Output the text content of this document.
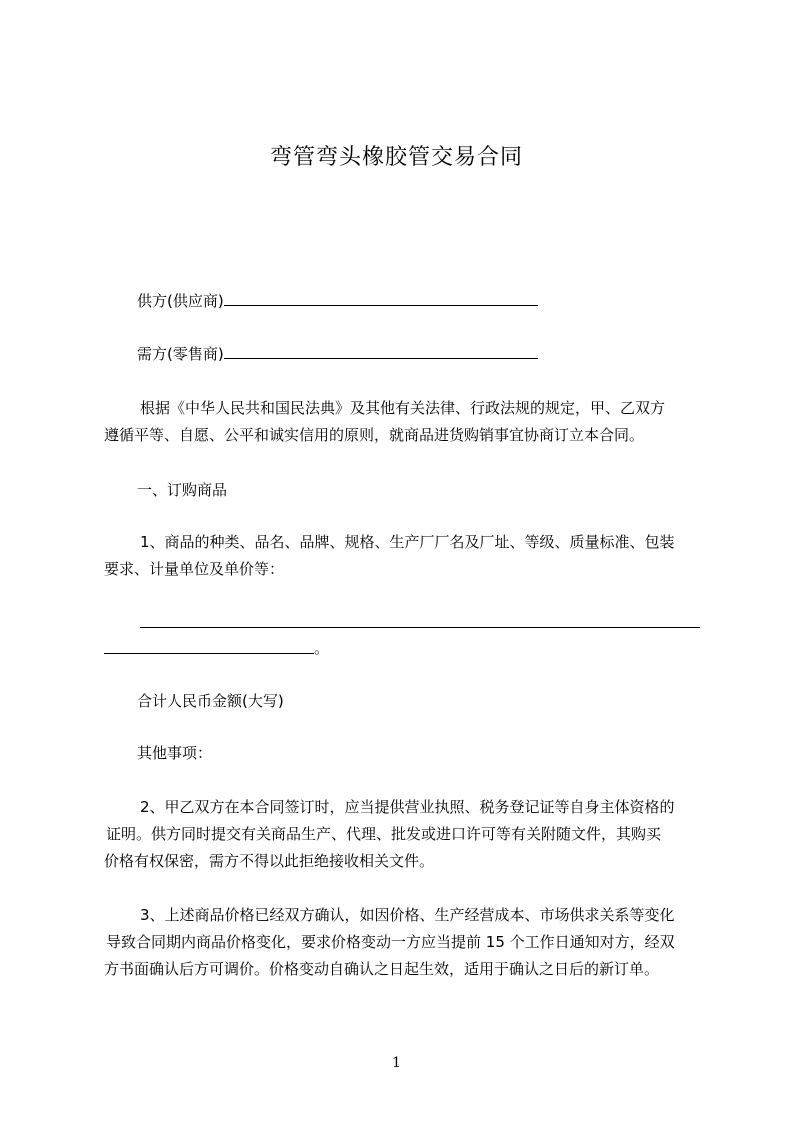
弯管弯头橡胶管交易合同
供方(供应商)
需方(零售商)
根据《中华人民共和国民法典》及其他有关法律、行政法规的规定，甲、乙双方
遵循平等、自愿、公平和诚实信用的原则，就商品进货购销事宜协商订立本合同。
一、订购商品
1、商品的种类、品名、品牌、规格、生产厂厂名及厂址、等级、质量标准、包装
要求、计量单位及单价等：
。
合计人民币金额(大写)
其他事项：
2、甲乙双方在本合同签订时，应当提供营业执照、税务登记证等自身主体资格的
证明。供方同时提交有关商品生产、代理、批发或进口许可等有关附随文件，其购买
价格有权保密，需方不得以此拒绝接收相关文件。
3、上述商品价格已经双方确认，如因价格、生产经营成本、市场供求关系等变化
导致合同期内商品价格变化，要求价格变动一方应当提前 15 个工作日通知对方，经双
方书面确认后方可调价。价格变动自确认之日起生效，适用于确认之日后的新订单。
1
